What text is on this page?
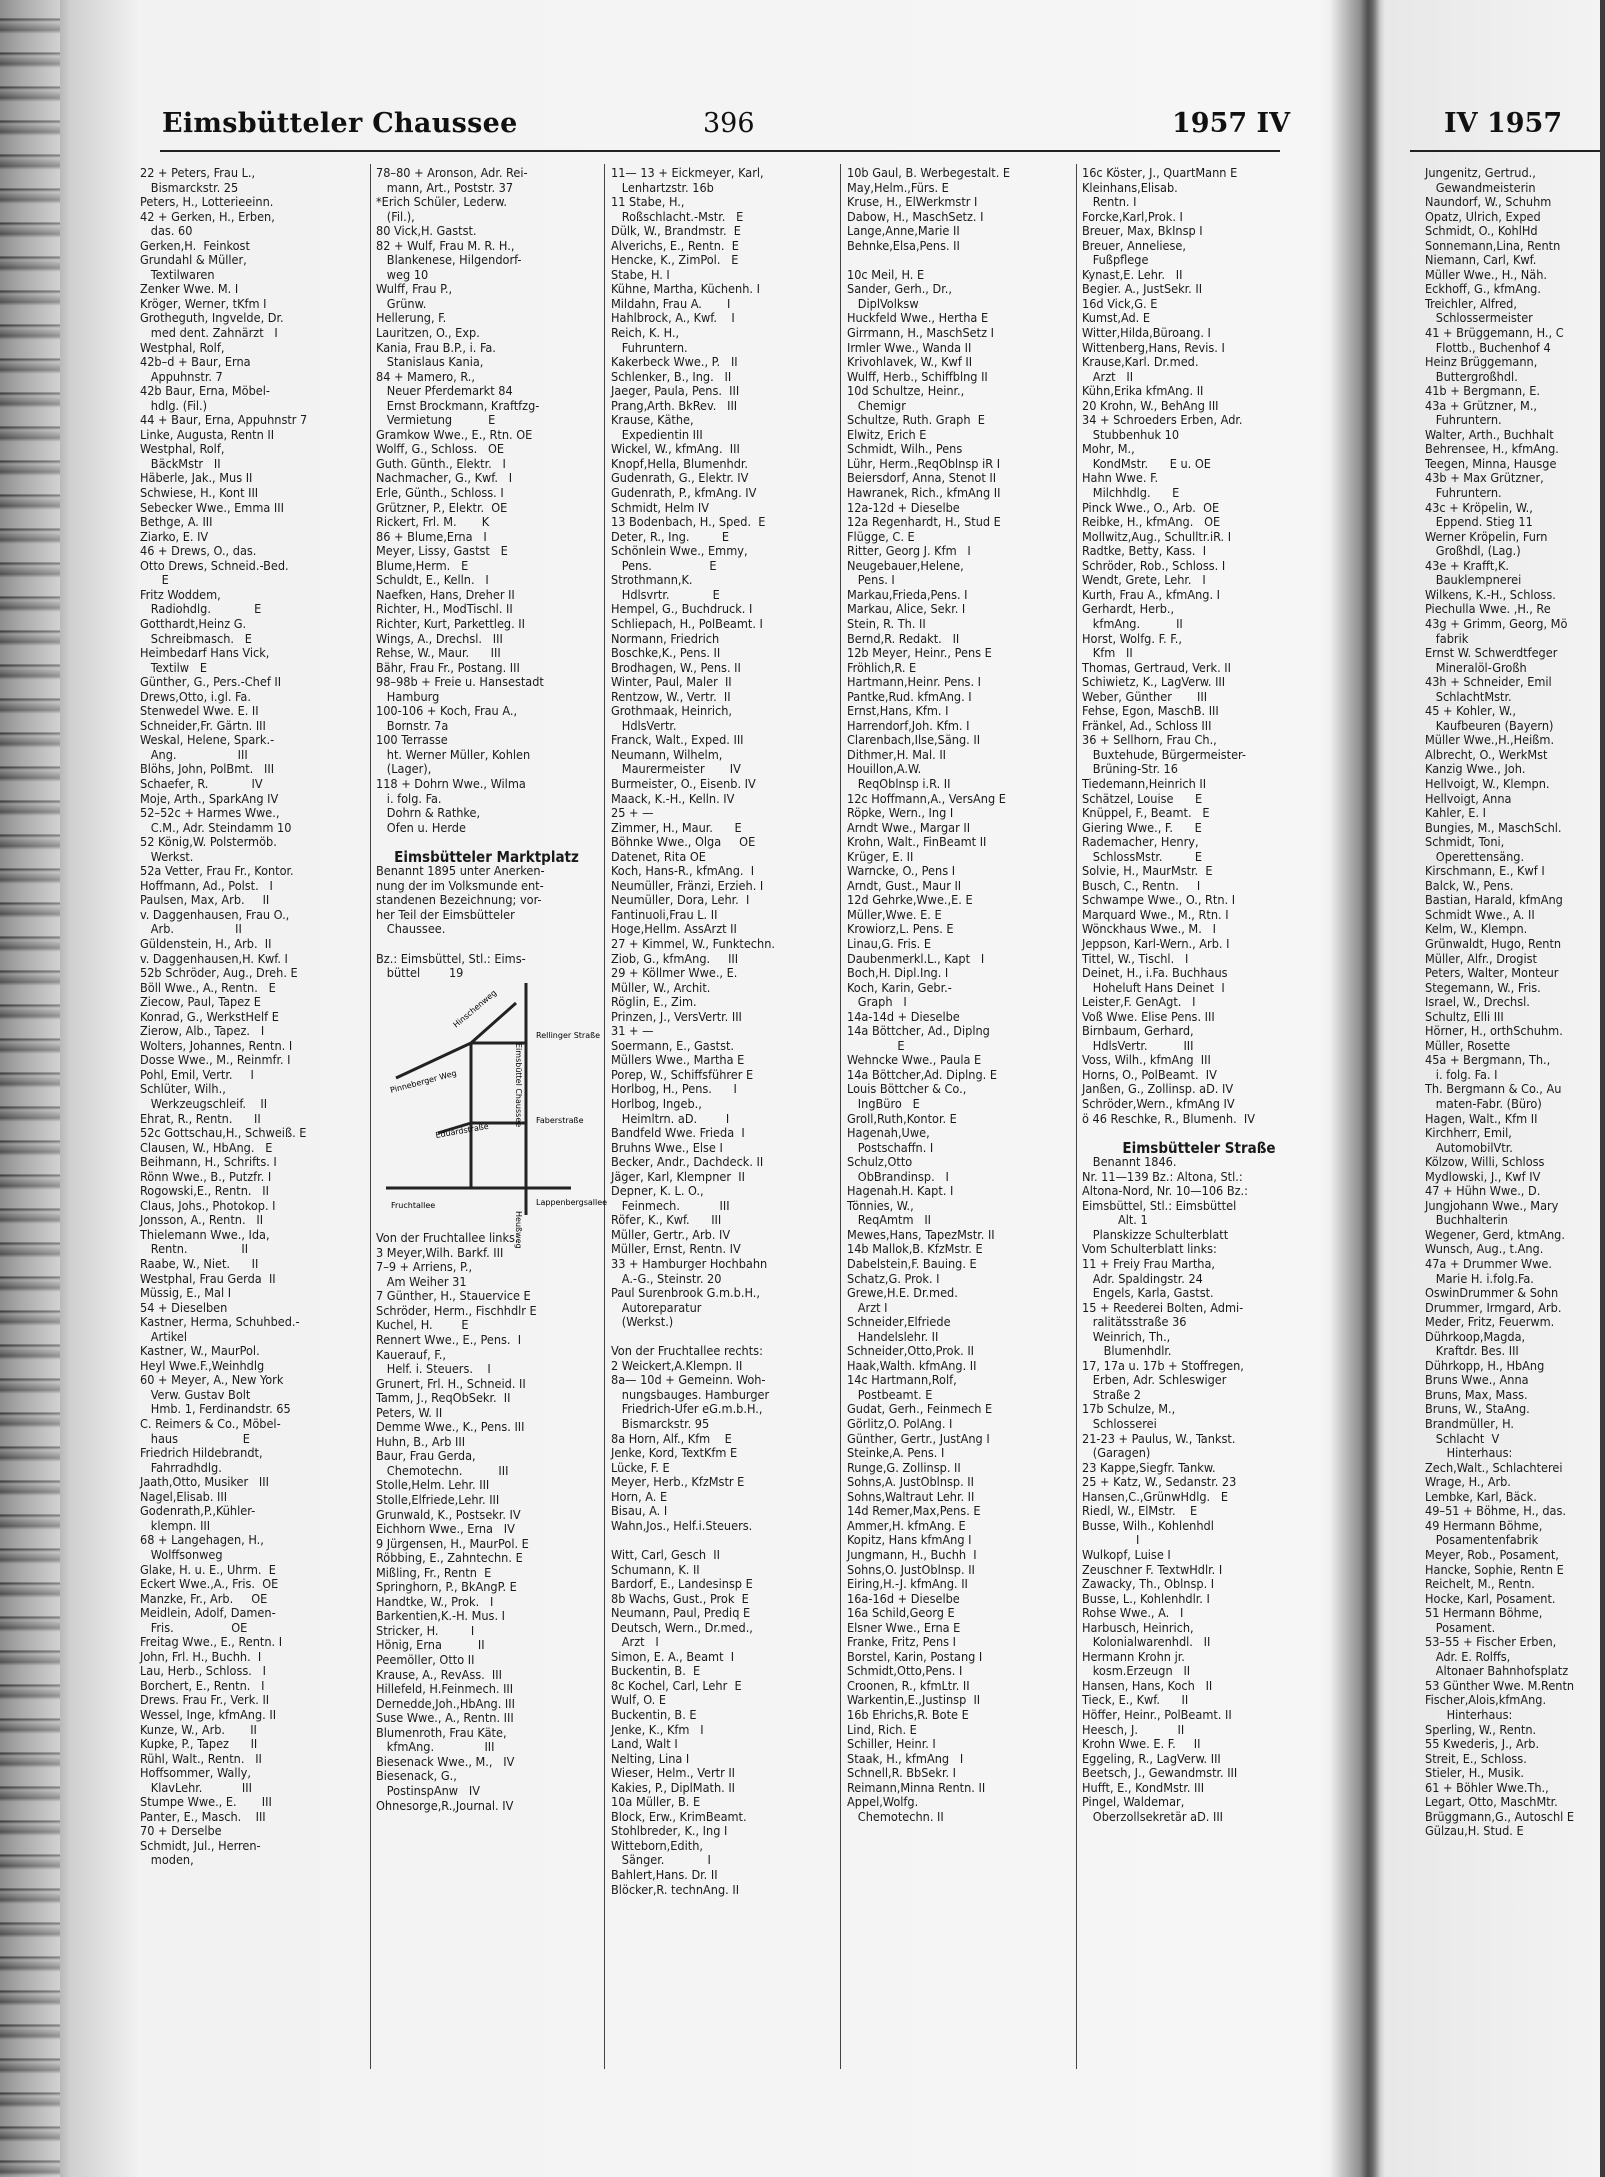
Eimsbütteler Chaussee	396	1957 IV	IV 1957
22 + Peters, Frau L.,
Bismarckstr. 25
Peters, H., Lotterieeinn.
42 + Gerken, H., Erben,
das. 60
Gerken,H.  Feinkost
Grundahl & Müller,
Textilwaren
Zenker Wwe. M. I
Kröger, Werner, tKfm I
Grotheguth, Ingvelde, Dr.
med dent. Zahnärzt   I
Westphal, Rolf,
42b–d + Baur, Erna
Appuhnstr. 7
42b Baur, Erna, Möbel-
hdlg. (Fil.)
44 + Baur, Erna, Appuhnstr 7
Linke, Augusta, Rentn II
Westphal, Rolf,
BäckMstr   II
Häberle, Jak., Mus II
Schwiese, H., Kont III
Sebecker Wwe., Emma III
Bethge, A. III
Ziarko, E. IV
46 + Drews, O., das.
Otto Drews, Schneid.-Bed.
E
Fritz Woddem,
Radiohdlg.            E
Gotthardt,Heinz G.
Schreibmasch.   E
Heimbedarf Hans Vick,
Textilw   E
Günther, G., Pers.-Chef II
Drews,Otto, i.gl. Fa.
Stenwedel Wwe. E. II
Schneider,Fr. Gärtn. III
Weskal, Helene, Spark.-
Ang.                 III
Blöhs, John, PolBmt.   III
Schaefer, R.            IV
Moje, Arth., SparkAng IV
52–52c + Harmes Wwe.,
C.M., Adr. Steindamm 10
52 König,W. Polstermöb.
Werkst.
52a Vetter, Frau Fr., Kontor.
Hoffmann, Ad., Polst.   I
Paulsen, Max, Arb.     II
v. Daggenhausen, Frau O.,
Arb.                 II
Güldenstein, H., Arb.  II
v. Daggenhausen,H. Kwf. I
52b Schröder, Aug., Dreh. E
Böll Wwe., A., Rentn.   E
Ziecow, Paul, Tapez E
Konrad, G., WerkstHelf E
Zierow, Alb., Tapez.   I
Wolters, Johannes, Rentn. I
Dosse Wwe., M., Reinmfr. I
Pohl, Emil, Vertr.     I
Schlüter, Wilh.,
Werkzeugschleif.    II
Ehrat, R., Rentn.      II
52c Gottschau,H., Schweiß. E
Clausen, W., HbAng.   E
Beihmann, H., Schrifts. I
Rönn Wwe., B., Putzfr. I
Rogowski,E., Rentn.   II
Claus, Johs., Photokop. I
Jonsson, A., Rentn.   II
Thielemann Wwe., Ida,
Rentn.               II
Raabe, W., Niet.      II
Westphal, Frau Gerda  II
Müssig, E., Mal I
54 + Dieselben
Kastner, Herma, Schuhbed.-
Artikel
Kastner, W., MaurPol.
Heyl Wwe.F.,Weinhdlg
60 + Meyer, A., New York
Verw. Gustav Bolt
Hmb. 1, Ferdinandstr. 65
C. Reimers & Co., Möbel-
haus                  E
Friedrich Hildebrandt,
Fahrradhdlg.
Jaath,Otto, Musiker   III
Nagel,Elisab. III
Godenrath,P.,Kühler-
klempn. III
68 + Langehagen, H.,
Wolffsonweg
Glake, H. u. E., Uhrm.  E
Eckert Wwe.,A., Fris.  OE
Manzke, Fr., Arb.     OE
Meidlein, Adolf, Damen-
Fris.                OE
Freitag Wwe., E., Rentn. I
John, Frl. H., Buchh.  I
Lau, Herb., Schloss.   I
Borchert, E., Rentn.   I
Drews. Frau Fr., Verk. II
Wessel, Inge, kfmAng. II
Kunze, W., Arb.       II
Kupke, P., Tapez      II
Rühl, Walt., Rentn.   II
Hoffsommer, Wally,
KlavLehr.           III
Stumpe Wwe., E.       III
Panter, E., Masch.    III
70 + Derselbe
Schmidt, Jul., Herren-
moden,
78–80 + Aronson, Adr. Rei-
mann, Art., Poststr. 37
*Erich Schüler, Lederw.
(Fil.),
80 Vick,H. Gastst.
82 + Wulf, Frau M. R. H.,
Blankenese, Hilgendorf-
weg 10
Wulff, Frau P.,
Grünw.
Hellerung, F.
Lauritzen, O., Exp.
Kania, Frau B.P., i. Fa.
Stanislaus Kania,
84 + Mamero, R.,
Neuer Pferdemarkt 84
Ernst Brockmann, Kraftfzg-
Vermietung          E
Gramkow Wwe., E., Rtn. OE
Wolff, G., Schloss.   OE
Guth. Günth., Elektr.   I
Nachmacher, G., Kwf.   I
Erle, Günth., Schloss. I
Grützner, P., Elektr.  OE
Rickert, Frl. M.       K
86 + Blume,Erna   I
Meyer, Lissy, Gastst   E
Blume,Herm.   E
Schuldt, E., Kelln.   I
Naefken, Hans, Dreher II
Richter, H., ModTischl. II
Richter, Kurt, Parkettleg. II
Wings, A., Drechsl.   III
Rehse, W., Maur.      III
Bähr, Frau Fr., Postang. III
98–98b + Freie u. Hansestadt
Hamburg
100-106 + Koch, Frau A.,
Bornstr. 7a
100 Terrasse
ht. Werner Müller, Kohlen
(Lager),
118 + Dohrn Wwe., Wilma
i. folg. Fa.
Dohrn & Rathke,
Ofen u. Herde
Eimsbütteler Marktplatz
Benannt 1895 unter Anerken-
nung der im Volksmunde ent-
standenen Bezeichnung; vor-
her Teil der Eimsbütteler
Chaussee.
Bz.: Eimsbüttel, Stl.: Eims-
büttel        19
Hinschenweg
Eimsbüttel Chaussee
Pinneberger Weg
Rellinger Straße
Eduardstraße
Faberstraße
Fruchtallee	Lappenbergsallee
Heußweg
Von der Fruchtallee links:
3 Meyer,Wilh. Barkf. III
7–9 + Arriens, P.,
Am Weiher 31
7 Günther, H., Stauervice E
Schröder, Herm., Fischhdlr E
Kuchel, H.        E
Rennert Wwe., E., Pens.  I
Kauerauf, F.,
Helf. i. Steuers.    I
Grunert, Frl. H., Schneid. II
Tamm, J., ReqObSekr.  II
Peters, W. II
Demme Wwe., K., Pens. III
Huhn, B., Arb III
Baur, Frau Gerda,
Chemotechn.          III
Stolle,Helm. Lehr. III
Stolle,Elfriede,Lehr. III
Grunwald, K., Postsekr. IV
Eichhorn Wwe., Erna   IV
9 Jürgensen, H., MaurPol. E
Röbbing, E., Zahntechn. E
Mißling, Fr., Rentn  E
Springhorn, P., BkAngP. E
Handtke, W., Prok.   I
Barkentien,K.-H. Mus. I
Stricker, H.         I
Hönig, Erna          II
Peemöller, Otto II
Krause, A., RevAss.  III
Hillefeld, H.Feinmech. III
Dernedde,Joh.,HbAng. III
Suse Wwe., A., Rentn. III
Blumenroth, Frau Käte,
kfmAng.              III
Biesenack Wwe., M.,   IV
Biesenack, G.,
PostinspAnw   IV
Ohnesorge,R.,Journal. IV
11— 13 + Eickmeyer, Karl,
Lenhartzstr. 16b
11 Stabe, H.,
Roßschlacht.-Mstr.   E
Dülk, W., Brandmstr.  E
Alverichs, E., Rentn.  E
Hencke, K., ZimPol.   E
Stabe, H. I
Kühne, Martha, Küchenh. I
Mildahn, Frau A.       I
Hahlbrock, A., Kwf.    I
Reich, K. H.,
Fuhruntern.
Kakerbeck Wwe., P.   II
Schlenker, B., Ing.   II
Jaeger, Paula, Pens.  III
Prang,Arth. BkRev.   III
Krause, Käthe,
Expedientin III
Wickel, W., kfmAng.  III
Knopf,Hella, Blumenhdr.
Gudenrath, G., Elektr. IV
Gudenrath, P., kfmAng. IV
Schmidt, Helm IV
13 Bodenbach, H., Sped.  E
Deter, R., Ing.         E
Schönlein Wwe., Emmy,
Pens.                E
Strothmann,K.
Hdlsvrtr.            E
Hempel, G., Buchdruck. I
Schliepach, H., PolBeamt. I
Normann, Friedrich
Boschke,K., Pens. II
Brodhagen, W., Pens. II
Winter, Paul, Maler  II
Rentzow, W., Vertr.  II
Grothmaak, Heinrich,
HdlsVertr.
Franck, Walt., Exped. III
Neumann, Wilhelm,
Maurermeister       IV
Burmeister, O., Eisenb. IV
Maack, K.-H., Kelln. IV
25 + —
Zimmer, H., Maur.      E
Böhnke Wwe., Olga     OE
Datenet, Rita OE
Koch, Hans-R., kfmAng.  I
Neumüller, Fränzi, Erzieh. I
Neumüller, Dora, Lehr.  I
Fantinuoli,Frau L. II
Hoge,Hellm. AssArzt II
27 + Kimmel, W., Funktechn.
Ziob, G., kfmAng.     III
29 + Köllmer Wwe., E.
Müller, W., Archit.
Röglin, E., Zim.
Prinzen, J., VersVertr. III
31 + —
Soermann, E., Gastst.
Müllers Wwe., Martha E
Porep, W., Schiffsführer E
Horlbog, H., Pens.      I
Horlbog, Ingeb.,
Heimltrn. aD.        I
Bandfeld Wwe. Frieda  I
Bruhns Wwe., Else I
Becker, Andr., Dachdeck. II
Jäger, Karl, Klempner  II
Depner, K. L. O.,
Feinmech.           III
Röfer, K., Kwf.      III
Müller, Gertr., Arb. IV
Müller, Ernst, Rentn. IV
33 + Hamburger Hochbahn
A.-G., Steinstr. 20
Paul Surenbrook G.m.b.H.,
Autoreparatur
(Werkst.)
Von der Fruchtallee rechts:
2 Weickert,A.Klempn. II
8a— 10d + Gemeinn. Woh-
nungsbauges. Hamburger
Friedrich-Ufer eG.m.b.H.,
Bismarckstr. 95
8a Horn, Alf., Kfm    E
Jenke, Kord, TextKfm E
Lücke, F. E
Meyer, Herb., KfzMstr E
Horn, A. E
Bisau, A. I
Wahn,Jos., Helf.i.Steuers.
Witt, Carl, Gesch  II
Schumann, K. II
Bardorf, E., Landesinsp E
8b Wachs, Gust., Prok  E
Neumann, Paul, Prediq E
Deutsch, Wern., Dr.med.,
Arzt   I
Simon, E. A., Beamt  I
Buckentin, B.  E
8c Kochel, Carl, Lehr  E
Wulf, O. E
Buckentin, B. E
Jenke, K., Kfm   I
Land, Walt I
Nelting, Lina I
Wieser, Helm., Vertr II
Kakies, P., DiplMath. II
10a Müller, B. E
Block, Erw., KrimBeamt.
Stohlbreder, K., Ing I
Witteborn,Edith,
Sänger.            I
Bahlert,Hans. Dr. II
Blöcker,R. technAng. II
10b Gaul, B. Werbegestalt. E
May,Helm.,Fürs. E
Kruse, H., ElWerkmstr I
Dabow, H., MaschSetz. I
Lange,Anne,Marie II
Behnke,Elsa,Pens. II
10c Meil, H. E
Sander, Gerh., Dr.,
DiplVolksw
Huckfeld Wwe., Hertha E
Girrmann, H., MaschSetz I
Irmler Wwe., Wanda II
Krivohlavek, W., Kwf II
Wulff, Herb., Schiffblng II
10d Schultze, Heinr.,
Chemigr
Schultze, Ruth. Graph  E
Elwitz, Erich E
Schmidt, Wilh., Pens
Lühr, Herm.,ReqOblnsp iR I
Beiersdorf, Anna, Stenot II
Hawranek, Rich., kfmAng II
12a-12d + Dieselbe
12a Regenhardt, H., Stud E
Flügge, C. E
Ritter, Georg J. Kfm   I
Neugebauer,Helene,
Pens. I
Markau,Frieda,Pens. I
Markau, Alice, Sekr. I
Stein, R. Th. II
Bernd,R. Redakt.   II
12b Meyer, Heinr., Pens E
Fröhlich,R. E
Hartmann,Heinr. Pens. I
Pantke,Rud. kfmAng. I
Ernst,Hans, Kfm. I
Harrendorf,Joh. Kfm. I
Clarenbach,Ilse,Säng. II
Dithmer,H. Mal. II
Houillon,A.W.
ReqOblnsp i.R. II
12c Hoffmann,A., VersAng E
Röpke, Wern., Ing I
Arndt Wwe., Margar II
Krohn, Walt., FinBeamt II
Krüger, E. II
Warncke, O., Pens I
Arndt, Gust., Maur II
12d Gehrke,Wwe.,E. E
Müller,Wwe. E. E
Krowiorz,L. Pens. E
Linau,G. Fris. E
Daubenmerkl.L., Kapt   I
Boch,H. Dipl.Ing. I
Koch, Karin, Gebr.-
Graph   I
14a-14d + Dieselbe
14a Böttcher, Ad., Diplng
E
Wehncke Wwe., Paula E
14a Böttcher,Ad. Diplng. E
Louis Böttcher & Co.,
IngBüro   E
Groll,Ruth,Kontor. E
Hagenah,Uwe,
Postschaffn. I
Schulz,Otto
ObBrandinsp.   I
Hagenah.H. Kapt. I
Tönnies, W.,
ReqAmtm   II
Mewes,Hans, TapezMstr. II
14b Mallok,B. KfzMstr. E
Dabelstein,F. Bauing. E
Schatz,G. Prok. I
Grewe,H.E. Dr.med.
Arzt I
Schneider,Elfriede
Handelslehr. II
Schneider,Otto,Prok. II
Haak,Walth. kfmAng. II
14c Hartmann,Rolf,
Postbeamt. E
Gudat, Gerh., Feinmech E
Görlitz,O. PolAng. I
Günther, Gertr., JustAng I
Steinke,A. Pens. I
Runge,G. Zollinsp. II
Sohns,A. JustOblnsp. II
Sohns,Waltraut Lehr. II
14d Remer,Max,Pens. E
Ammer,H. kfmAng. E
Kopitz, Hans kfmAng I
Jungmann, H., Buchh  I
Sohns,O. JustOblnsp. II
Eiring,H.-J. kfmAng. II
16a-16d + Dieselbe
16a Schild,Georg E
Elsner Wwe., Erna E
Franke, Fritz, Pens I
Borstel, Karin, Postang I
Schmidt,Otto,Pens. I
Croonen, R., kfmLtr. II
Warkentin,E.,Justinsp  II
16b Ehrichs,R. Bote E
Lind, Rich. E
Schiller, Heinr. I
Staak, H., kfmAng   I
Schnell,R. BbSekr. I
Reimann,Minna Rentn. II
Appel,Wolfg.
Chemotechn. II
16c Köster, J., QuartMann E
Kleinhans,Elisab.
Rentn. I
Forcke,Karl,Prok. I
Breuer, Max, BkInsp I
Breuer, Anneliese,
Fußpflege
Kynast,E. Lehr.   II
Begier. A., JustSekr. II
16d Vick,G. E
Kumst,Ad. E
Witter,Hilda,Büroang. I
Wittenberg,Hans, Revis. I
Krause,Karl. Dr.med.
Arzt   II
Kühn,Erika kfmAng. II
20 Krohn, W., BehAng III
34 + Schroeders Erben, Adr.
Stubbenhuk 10
Mohr, M.,
KondMstr.      E u. OE
Hahn Wwe. F.
Milchhdlg.      E
Pinck Wwe., O., Arb.  OE
Reibke, H., kfmAng.   OE
Mollwitz,Aug., Schulltr.iR. I
Radtke, Betty, Kass.  I
Schröder, Rob., Schloss. I
Wendt, Grete, Lehr.   I
Kurth, Frau A., kfmAng. I
Gerhardt, Herb.,
kfmAng.          II
Horst, Wolfg. F. F.,
Kfm   II
Thomas, Gertraud, Verk. II
Schiwietz, K., LagVerw. III
Weber, Günther       III
Fehse, Egon, MaschB. III
Fränkel, Ad., Schloss III
36 + Sellhorn, Frau Ch.,
Buxtehude, Bürgermeister-
Brüning-Str. 16
Tiedemann,Heinrich II
Schätzel, Louise      E
Knüppel, F., Beamt.   E
Giering Wwe., F.      E
Rademacher, Henry,
SchlossMstr.         E
Solvie, H., MaurMstr.  E
Busch, C., Rentn.     I
Schwampe Wwe., O., Rtn. I
Marquard Wwe., M., Rtn. I
Wönckhaus Wwe., M.   I
Jeppson, Karl-Wern., Arb. I
Tittel, W., Tischl.   I
Deinet, H., i.Fa. Buchhaus
Hoheluft Hans Deinet  I
Leister,F. GenAgt.   I
Voß Wwe. Elise Pens. III
Birnbaum, Gerhard,
HdlsVertr.          III
Voss, Wilh., kfmAng  III
Horns, O., PolBeamt.  IV
Janßen, G., Zollinsp. aD. IV
Schröder,Wern., kfmAng IV
ö 46 Reschke, R., Blumenh.  IV
Eimsbütteler Straße
Benannt 1846.
Nr. 11—139 Bz.: Altona, Stl.:
Altona-Nord, Nr. 10—106 Bz.:
Eimsbüttel, Stl.: Eimsbüttel
Alt. 1
Planskizze Schulterblatt
Vom Schulterblatt links:
11 + Freiy Frau Martha,
Adr. Spaldingstr. 24
Engels, Karla, Gastst.
15 + Reederei Bolten, Admi-
ralitätsstraße 36
Weinrich, Th.,
Blumenhdlr.
17, 17a u. 17b + Stoffregen,
Erben, Adr. Schleswiger
Straße 2
17b Schulze, M.,
Schlosserei
21-23 + Paulus, W., Tankst.
(Garagen)
23 Kappe,Siegfr. Tankw.
25 + Katz, W., Sedanstr. 23
Hansen,C.,GrünwHdlg.   E
Riedl, W., ElMstr.    E
Busse, Wilh., Kohlenhdl
I
Wulkopf, Luise I
Zeuschner F. TextwHdlr. I
Zawacky, Th., Oblnsp. I
Busse, L., Kohlenhdlr. I
Rohse Wwe., A.   I
Harbusch, Heinrich,
Kolonialwarenhdl.   II
Hermann Krohn jr.
kosm.Erzeugn   II
Hansen, Hans, Koch   II
Tieck, E., Kwf.      II
Höffer, Heinr., PolBeamt. II
Heesch, J.           II
Krohn Wwe. E. F.     II
Eggeling, R., LagVerw. III
Beetsch, J., Gewandmstr. III
Hufft, E., KondMstr. III
Pingel, Waldemar,
Oberzollsekretär aD. III
Jungenitz, Gertrud.,
Gewandmeisterin
Naundorf, W., Schuhm
Opatz, Ulrich, Exped
Schmidt, O., KohlHd
Sonnemann,Lina, Rentn
Niemann, Carl, Kwf.
Müller Wwe., H., Näh.
Eckhoff, G., kfmAng.
Treichler, Alfred,
Schlossermeister
41 + Brüggemann, H., C
Flottb., Buchenhof 4
Heinz Brüggemann,
Buttergroßhdl.
41b + Bergmann, E.
43a + Grützner, M.,
Fuhruntern.
Walter, Arth., Buchhalt
Behrensee, H., kfmAng.
Teegen, Minna, Hausge
43b + Max Grützner,
Fuhruntern.
43c + Kröpelin, W.,
Eppend. Stieg 11
Werner Kröpelin, Furn
Großhdl, (Lag.)
43e + Krafft,K.
Bauklempnerei
Wilkens, K.-H., Schloss.
Piechulla Wwe. ,H., Re
43g + Grimm, Georg, Mö
fabrik
Ernst W. Schwerdtfeger
Mineralöl-Großh
43h + Schneider, Emil
SchlachtMstr.
45 + Kohler, W.,
Kaufbeuren (Bayern)
Müller Wwe.,H.,Heißm.
Albrecht, O., WerkMst
Kanzig Wwe., Joh.
Hellvoigt, W., Klempn.
Hellvoigt, Anna
Kahler, E. I
Bungies, M., MaschSchl.
Schmidt, Toni,
Operettensäng.
Kirschmann, E., Kwf I
Balck, W., Pens.
Bastian, Harald, kfmAng
Schmidt Wwe., A. II
Kelm, W., Klempn.
Grünwaldt, Hugo, Rentn
Müller, Alfr., Drogist
Peters, Walter, Monteur
Stegemann, W., Fris.
Israel, W., Drechsl.
Schultz, Elli III
Hörner, H., orthSchuhm.
Müller, Rosette
45a + Bergmann, Th.,
i. folg. Fa. I
Th. Bergmann & Co., Au
maten-Fabr. (Büro)
Hagen, Walt., Kfm II
Kirchherr, Emil,
AutomobilVtr.
Kölzow, Willi, Schloss
Mydlowski, J., Kwf IV
47 + Hühn Wwe., D.
Jungjohann Wwe., Mary
Buchhalterin
Wegener, Gerd, ktmAng.
Wunsch, Aug., t.Ang.
47a + Drummer Wwe.
Marie H. i.folg.Fa.
OswinDrummer & Sohn
Drummer, Irmgard, Arb.
Meder, Fritz, Feuerwm.
Dührkoop,Magda,
Kraftdr. Bes. III
Dührkopp, H., HbAng
Bruns Wwe., Anna
Bruns, Max, Mass.
Bruns, W., StaAng.
Brandmüller, H.
Schlacht  V
Hinterhaus:
Zech,Walt., Schlachterei
Wrage, H., Arb.
Lembke, Karl, Bäck.
49–51 + Böhme, H., das.
49 Hermann Böhme,
Posamentenfabrik
Meyer, Rob., Posament,
Hancke, Sophie, Rentn E
Reichelt, M., Rentn.
Hocke, Karl, Posament.
51 Hermann Böhme,
Posament.
53–55 + Fischer Erben,
Adr. E. Rolffs,
Altonaer Bahnhofsplatz
53 Günther Wwe. M.Rentn
Fischer,Alois,kfmAng.
Hinterhaus:
Sperling, W., Rentn.
55 Kwederis, J., Arb.
Streit, E., Schloss.
Stieler, H., Musik.
61 + Böhler Wwe.Th.,
Legart, Otto, MaschMtr.
Brüggmann,G., Autoschl E
Gülzau,H. Stud. E
